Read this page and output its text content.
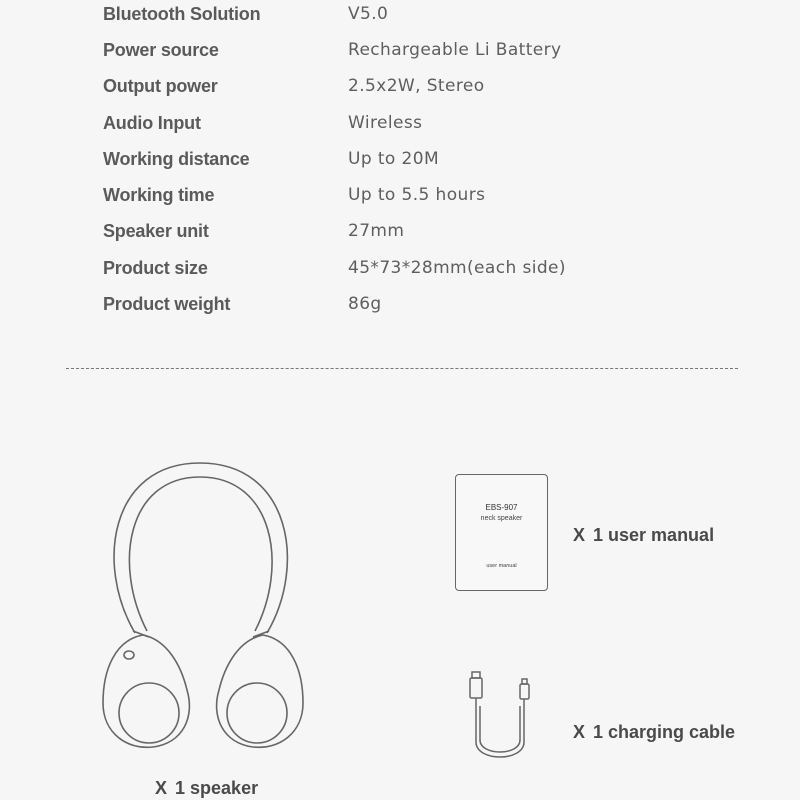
Bluetooth Solution	V5.0
Power source	Rechargeable Li Battery
Output power	2.5x2W, Stereo
Audio Input	Wireless
Working distance	Up to 20M
Working time	Up to 5.5 hours
Speaker unit	27mm
Product size	45*73*28mm(each side)
Product weight	86g
X 1 speaker
EBS-907
neck speaker
user manual
X 1 user manual
X 1 charging cable
